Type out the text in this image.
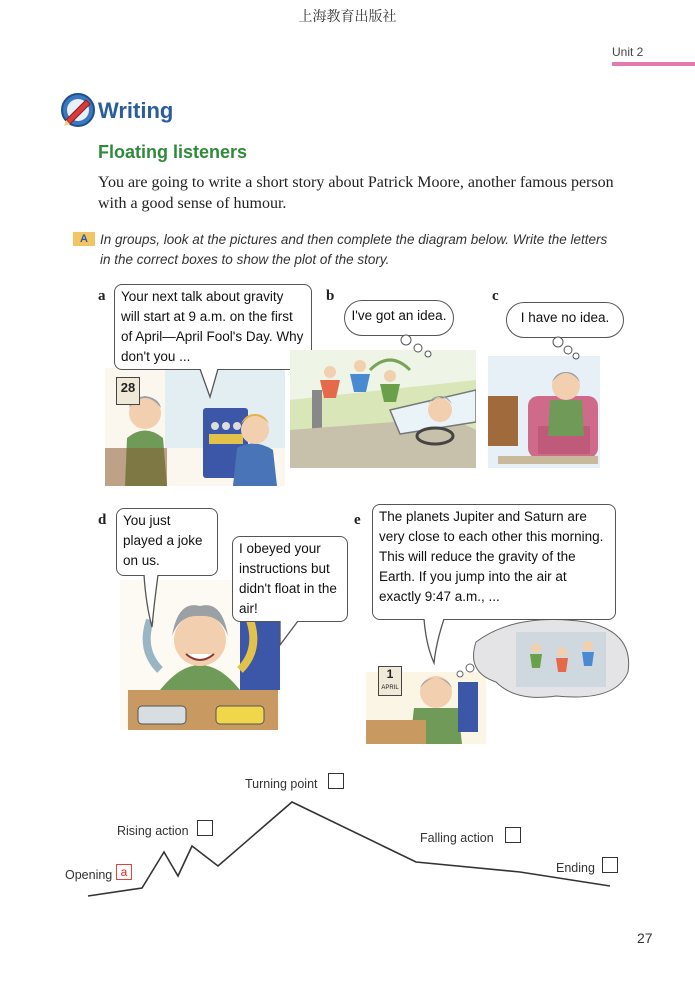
上海教育出版社
Unit 2
Writing
Floating listeners
You are going to write a short story about Patrick Moore, another famous person with a good sense of humour.
A In groups, look at the pictures and then complete the diagram below. Write the letters in the correct boxes to show the plot of the story.
a
28
Your next talk about gravity will start at 9 a.m. on the first of April—April Fool's Day. Why don't you ...
b
I've got an idea.
c
I have no idea.
d	You just played a joke on us.
I obeyed your instructions but didn't float in the air!
e
1
APRIL
The planets Jupiter and Saturn are very close to each other this morning. This will reduce the gravity of the Earth. If you jump into the air at exactly 9:47 a.m., ...
Opening a
Rising action
Turning point
Falling action
Ending
27
